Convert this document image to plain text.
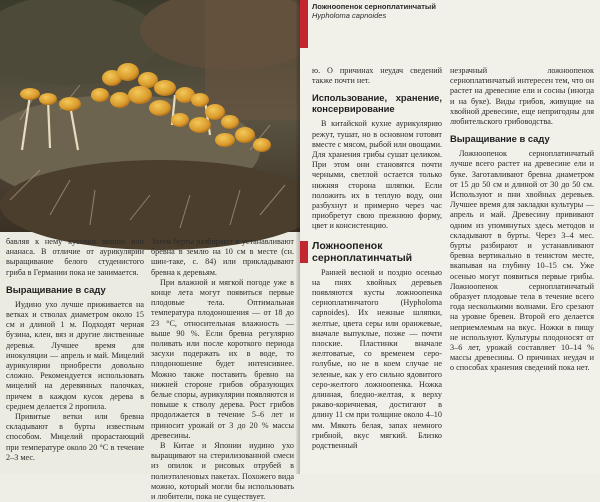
бавляя к нему кусочки вишни или ананаса. В отличие от аурикулярии выращивание белого студенистого гриба в Германии пока не занимается.

Выращивание в саду

Иудино ухо лучше приживается на ветках и стволах диаметром около 15 см и длиной 1 м. Подходят черная бузина, клен, вяз и другие лиственные деревья. Лучшее время для инокуляции — апрель и май. Мицелий аурикулярии приобрести довольно сложно. Рекомендуется использовать мицелий на деревянных палочках, причем в каждом кусок дерева в среднем делается 2 пропила.

Привитые ветки или бревна складывают в бурты известным способом. Мицелий прорастающий при температуре около 20 °С в течение 2–3 мес.

Затем бурты разбирают и устанавливают бревна в землю на 10 см в месте (сн. шин-таке, с. 84) или прикладывают бревна к деревьям.

При влажной и мягкой погоде уже в конце лета могут появиться первые плодовые тела. Оптимальная температура плодоношения — от 18 до 23 °С, относительная влажность — выше 90 %. Если бревна регулярно поливать или после короткого периода засухи подержать их в воде, то плодоношение будет интенсивнее. Можно также поставить бревно на нижней стороне грибов образующих белые споры, аурикулярии появляются и повыше к стволу дерева. Рост грибов продолжается в течение 5–6 лет и приносит урожай от 3 до 20 % массы древесины.

В Китае и Японии иудино ухо выращивают на стерилизованной смеси из опилок и рисовых отрубей в полиэтиленовых пакетах. Похожего вида можно, который могли бы использовать и любители, пока не существует.

Ложноопенок серноплатинчатый
Hypholoma capnoides

ю. О причинах неудач сведений также почти нет.

Использование, хранение, консервирование

В китайской кухне аурикулярию режут, тушат, но в основном готовят вместе с мясом, рыбой или овощами. Для хранения грибы сушат целиком. При этом они становятся почти черными, светлой остается только нижняя сторона шляпки. Если положить их в теплую воду, они разбухнут и примерно через час приобретут свою прежнюю форму, цвет и консистенцию.

Ложноопенок серноплатинчатый

Ранней весной и поздно осенью на пнях хвойных деревьев появляются кусты ложноопенка серноплатинчатого (Hypholoma capnoides). Их нежные шляпки, желтые, цвета серы или оранжевые, вначале выпуклые, позже — почти плоские. Пластинки вначале желтоватые, со временем серо-голубые, но не в коем случае не зеленые, как у его сильно ядовитого серо-желтого ложноопенка. Ножка длинная, бледно-желтая, к верху ржаво-коричневая, достигают в длину 11 см при толщине около 4–10 мм. Мякоть белая, запах немного грибной, вкус мягкий. Близко родственный

незрачный ложноопенок серноплатинчатый интересен тем, что он растет на древесине ели и сосны (иногда и на буке). Виды грибов, живущие на хвойной древесине, еще непригодны для любительского грибоводства.

Выращивание в саду

Ложноопенок серноплатинчатый лучше всего растет на древесине ели и буке. Заготавливают бревна диаметром от 15 до 50 см и длиной от 30 до 50 см. Используют и пни хвойных деревьев. Лучшее время для закладки культуры — апрель и май. Древесину прививают одним из упомянутых здесь методов и складывают в бурты. Через 3–4 мес. бурты разбирают и устанавливают бревна вертикально в тенистом месте, вкапывая на глубину 10–15 см. Уже осенью могут появиться первые грибы. Ложноопенок серноплатинчатый образует плодовые тела в течение всего года несколькими волнами. Его срезают на уровне бревен. Второй его делается неприемлемым на вкус. Ножки в пищу не используют. Культуры плодоносят от 3–6 лет, урожай составляет 10–14 % массы древесины. О причинах неудач и о способах хранения сведений пока нет.
